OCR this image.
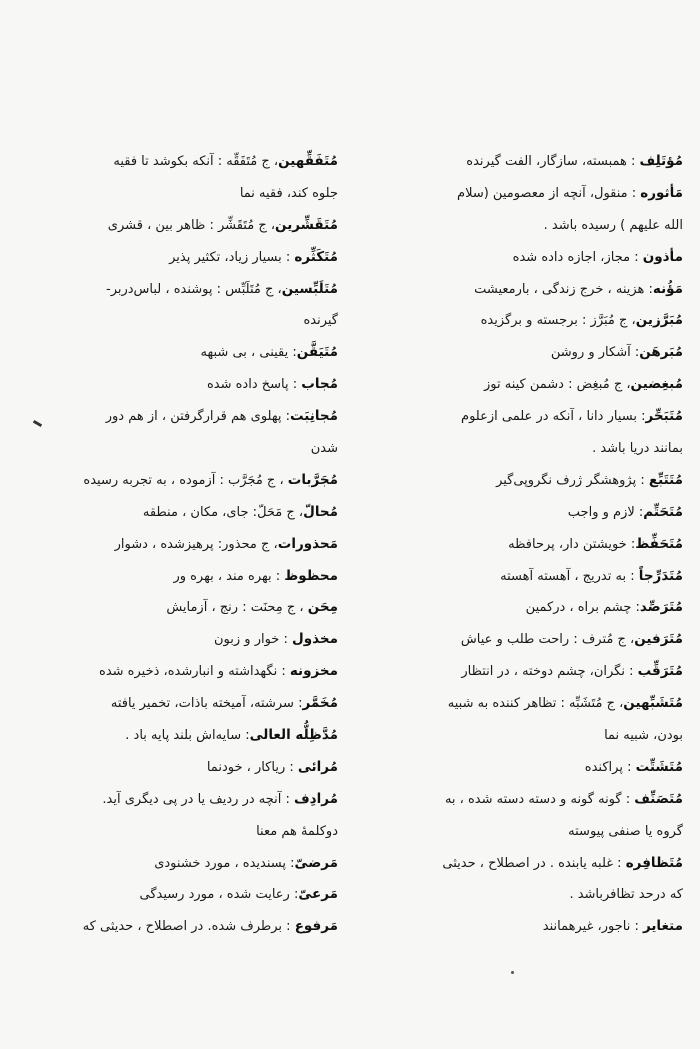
مُؤتَلِف : همبسته، سازگار، الفت گیرنده
مَأثوره : منقول، آنچه از معصومین (سلام
الله علیهم ) رسیده باشد .
مأذون : مجاز، اجازه داده شده
مَؤُنه: هزینه ، خرج زندگی ، بارمعیشت
مُبَرَّزین، ج مُبَرَّز : برجسته و برگزیده
مُبَرهَن: آشکار و روشن
مُبغِضین، ج مُبغِض : دشمن کینه توز
مُتَبَحِّر: بسیار دانا ، آنکه در علمی ازعلوم
بمانند دریا باشد .
مُتَتَبِّع : پژوهشگر ژرف نگروپی‌گیر
مُتَحَتِّم: لازم و واجب
مُتَحَفِّظ: خویشتن دار، پرحافظه
مُتَدَرِّجاً : به تدریج ، آهسته آهسته
مُتَرَصِّد: چشم براه ، درکمین
مُتَرَفین، ج مُترف : راحت طلب و عیاش
مُتَرَقِّب : نگران، چشم دوخته ، در انتظار
مُتَشَبِّهین، ج مُتَشَبِّه : تظاهر کننده به شبیه
بودن، شبیه نما
مُتَشَتِّت : پراکنده
مُتَصَنِّف : گونه گونه و دسته دسته شده ، به
گروه یا صنفی پیوسته
مُتَظافِره : غلبه یابنده . در اصطلاح ، حدیثی
که درحد تظافرباشد .
متغایر : ناجور، غیرهمانند
مُتَفَقِّهین، ج مُتَفَقِّه : آنکه بکوشد تا فقیه
جلوه کند، فقیه نما
مُتَقَشِّرین، ج مُتَقَشِّر : ظاهر بین ، قشری
مُتَکَثِّره : بسیار زیاد، تکثیر پذیر
مُتَلَبِّسین، ج مُتَلَبِّس : پوشنده ، لباس‌دربر-
گیرنده
مُتَیَقَّن: یقینی ، بی شبهه
مُجاب : پاسخ داده شده
مُجانِبَت: پهلوی هم قرارگرفتن ، از هم دور
شدن
مُجَرَّبات ، ج مُجَرَّب : آزموده ، به تجربه رسیده
مُحالّ، ج مَحَلّ: جای، مکان ، منطقه
مَحذورات، ج محذور: پرهیزشده ، دشوار
محظوظ : بهره مند ، بهره ور
مِحَن ، ج مِحنَت : رنج ، آزمایش
مخذول : خوار و زبون
مخزونه : نگهداشته و انبارشده، ذخیره شده
مُخَمَّر: سرشته، آمیخته باذات، تخمیر یافته
مُدَّظِلُّه العالی: سایه‌اش بلند پایه باد .
مُرائی : ریاکار ، خودنما
مُرادِف : آنچه در ردیف یا در پی دیگری آید.
دوکلمهٔ هم معنا
مَرضیّ: پسندیده ، مورد خشنودی
مَرعیّ: رعایت شده ، مورد رسیدگی
مَرفوع : برطرف شده. در اصطلاح ، حدیثی که
